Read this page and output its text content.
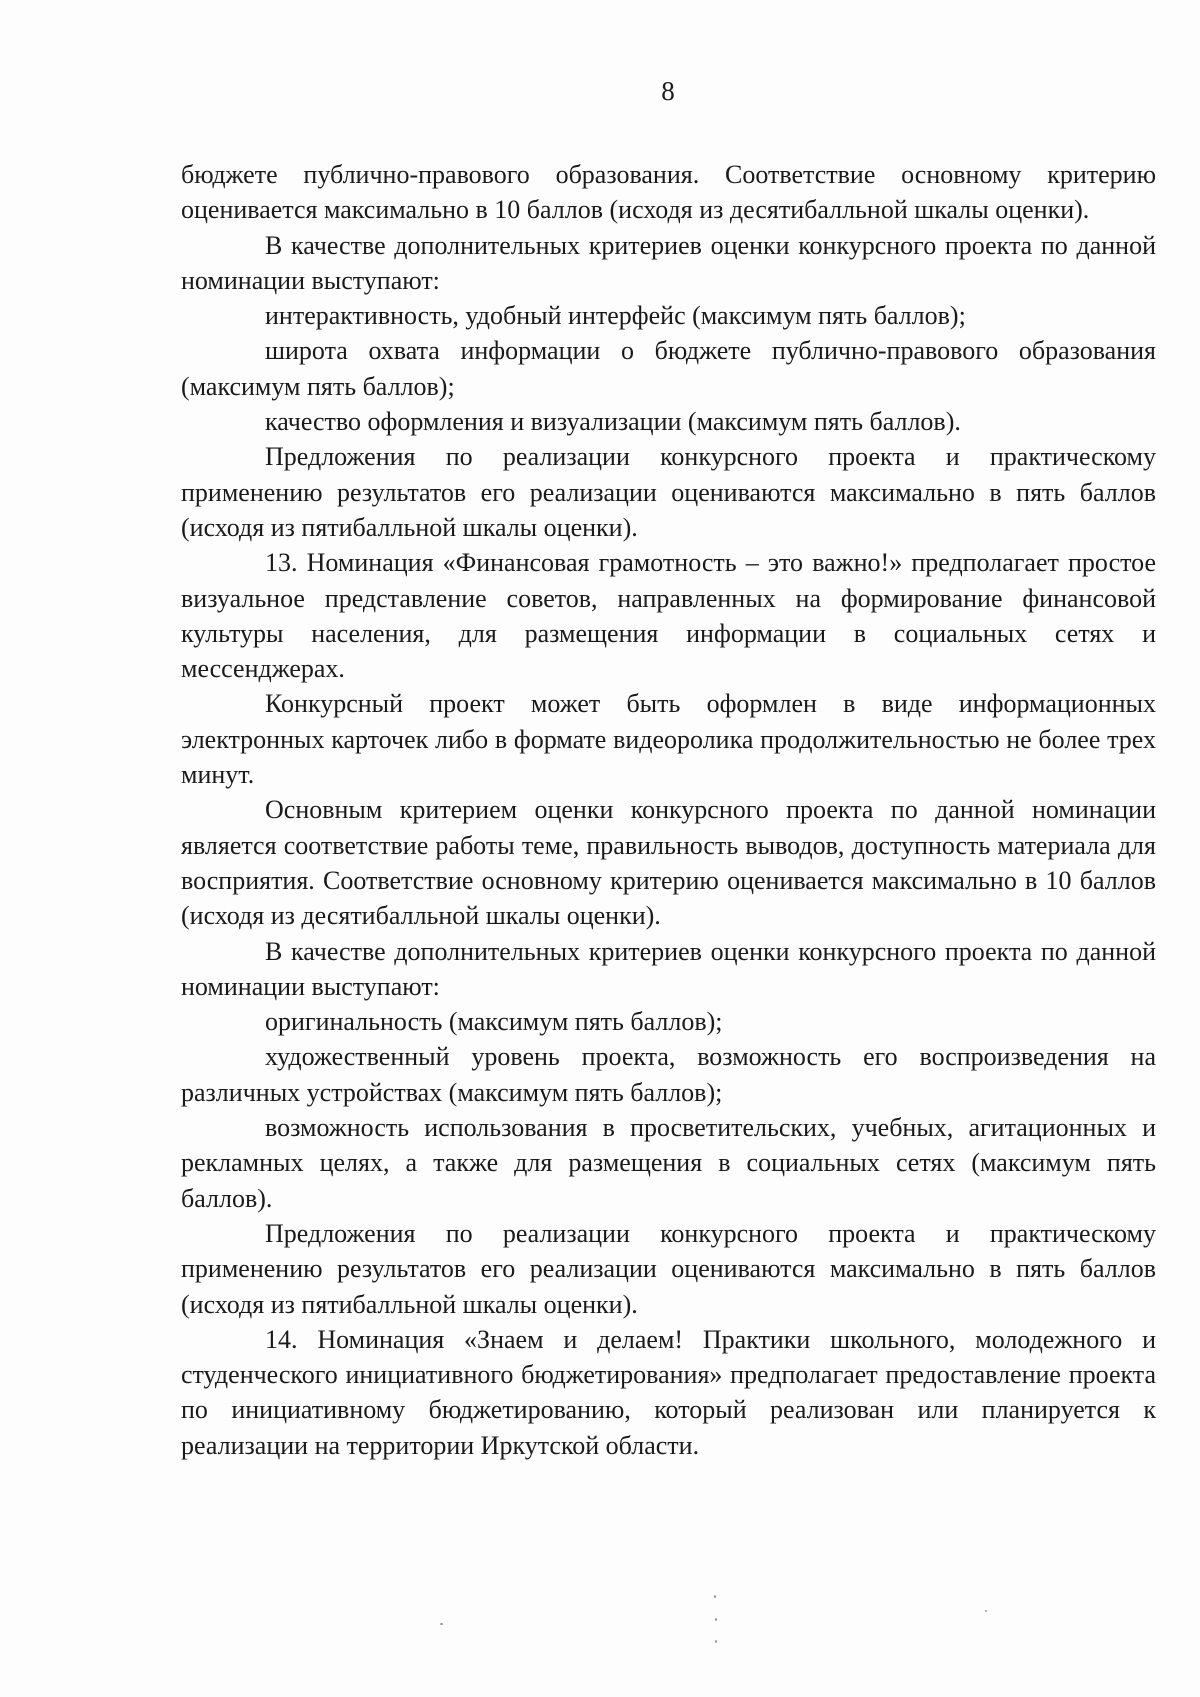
8

бюджете публично-правового образования. Соответствие основному критерию оценивается максимально в 10 баллов (исходя из десятибалльной шкалы оценки).

В качестве дополнительных критериев оценки конкурсного проекта по данной номинации выступают:

интерактивность, удобный интерфейс (максимум пять баллов);

широта охвата информации о бюджете публично-правового образования (максимум пять баллов);

качество оформления и визуализации (максимум пять баллов).

Предложения по реализации конкурсного проекта и практическому применению результатов его реализации оцениваются максимально в пять баллов (исходя из пятибалльной шкалы оценки).

13. Номинация «Финансовая грамотность – это важно!» предполагает простое визуальное представление советов, направленных на формирование финансовой культуры населения, для размещения информации в социальных сетях и мессенджерах.

Конкурсный проект может быть оформлен в виде информационных электронных карточек либо в формате видеоролика продолжительностью не более трех минут.

Основным критерием оценки конкурсного проекта по данной номинации является соответствие работы теме, правильность выводов, доступность материала для восприятия. Соответствие основному критерию оценивается максимально в 10 баллов (исходя из десятибалльной шкалы оценки).

В качестве дополнительных критериев оценки конкурсного проекта по данной номинации выступают:

оригинальность (максимум пять баллов);

художественный уровень проекта, возможность его воспроизведения на различных устройствах (максимум пять баллов);

возможность использования в просветительских, учебных, агитационных и рекламных целях, а также для размещения в социальных сетях (максимум пять баллов).

Предложения по реализации конкурсного проекта и практическому применению результатов его реализации оцениваются максимально в пять баллов (исходя из пятибалльной шкалы оценки).

14. Номинация «Знаем и делаем! Практики школьного, молодежного и студенческого инициативного бюджетирования» предполагает предоставление проекта по инициативному бюджетированию, который реализован или планируется к реализации на территории Иркутской области.
